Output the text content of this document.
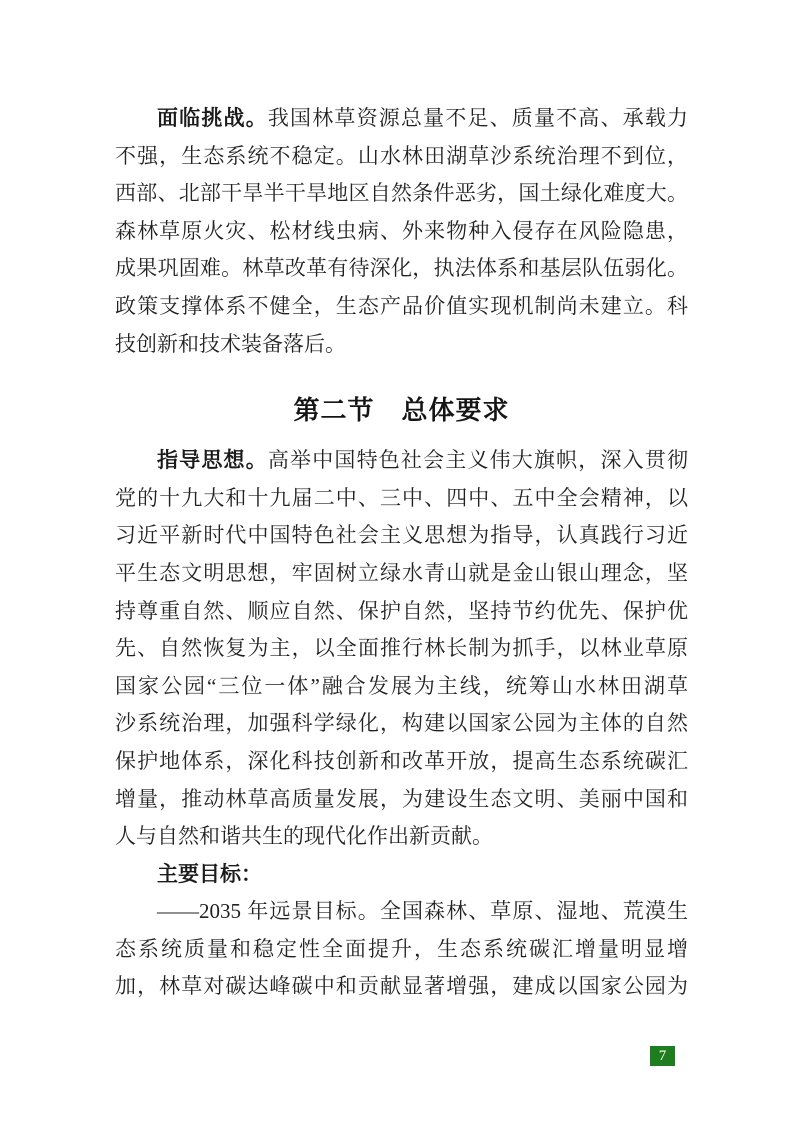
面临挑战。我国林草资源总量不足、质量不高、承载力
不强，生态系统不稳定。山水林田湖草沙系统治理不到位，
西部、北部干旱半干旱地区自然条件恶劣，国土绿化难度大。
森林草原火灾、松材线虫病、外来物种入侵存在风险隐患，
成果巩固难。林草改革有待深化，执法体系和基层队伍弱化。
政策支撑体系不健全，生态产品价值实现机制尚未建立。科
技创新和技术装备落后。
第二节　总体要求
指导思想。高举中国特色社会主义伟大旗帜，深入贯彻
党的十九大和十九届二中、三中、四中、五中全会精神，以
习近平新时代中国特色社会主义思想为指导，认真践行习近
平生态文明思想，牢固树立绿水青山就是金山银山理念，坚
持尊重自然、顺应自然、保护自然，坚持节约优先、保护优
先、自然恢复为主，以全面推行林长制为抓手，以林业草原
国家公园“三位一体”融合发展为主线，统筹山水林田湖草
沙系统治理，加强科学绿化，构建以国家公园为主体的自然
保护地体系，深化科技创新和改革开放，提高生态系统碳汇
增量，推动林草高质量发展，为建设生态文明、美丽中国和
人与自然和谐共生的现代化作出新贡献。
主要目标：
——2035 年远景目标。全国森林、草原、湿地、荒漠生
态系统质量和稳定性全面提升，生态系统碳汇增量明显增
加，林草对碳达峰碳中和贡献显著增强，建成以国家公园为
7
